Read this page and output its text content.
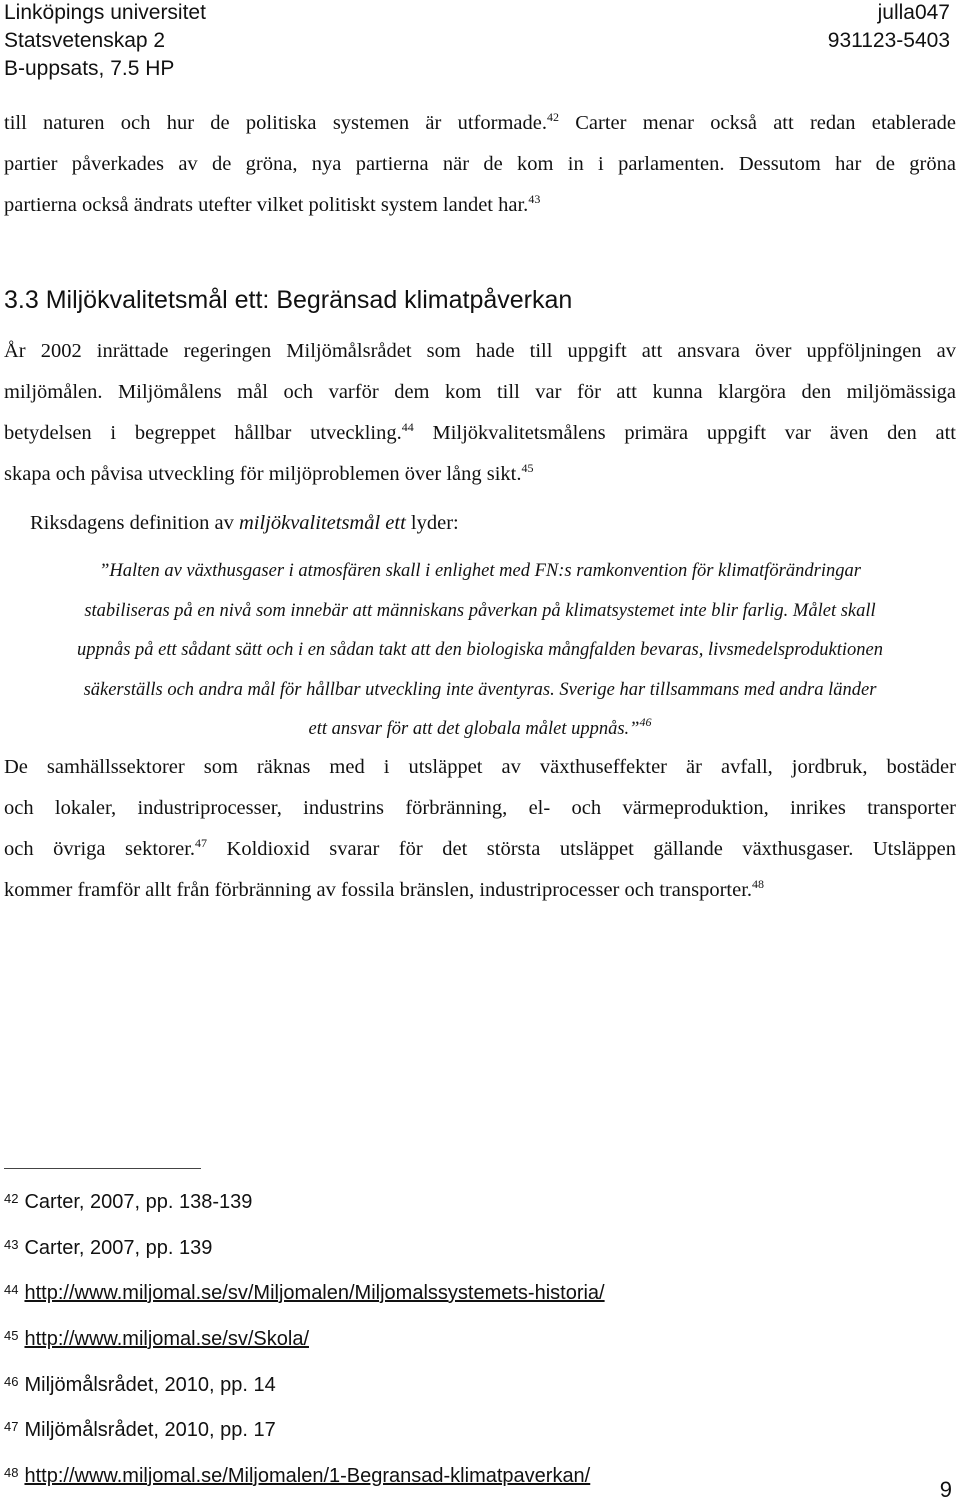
Linköpings universitet
Statsvetenskap 2
B-uppsats, 7.5 HP
julla047
931123-5403
till naturen och hur de politiska systemen är utformade.$^{42}$ Carter menar också att redan etablerade
partier påverkades av de gröna, nya partierna när de kom in i parlamenten. Dessutom har de gröna
partierna också ändrats utefter vilket politiskt system landet har.$^{43}$
3.3 Miljökvalitetsmål ett: Begränsad klimatpåverkan
År 2002 inrättade regeringen Miljömålsrådet som hade till uppgift att ansvara över uppföljningen av
miljömålen. Miljömålens mål och varför dem kom till var för att kunna klargöra den miljömässiga
betydelsen i begreppet hållbar utveckling.$^{44}$ Miljökvalitetsmålens primära uppgift var även den att
skapa och påvisa utveckling för miljöproblemen över lång sikt.$^{45}$
Riksdagens definition av miljökvalitetsmål ett lyder:
”Halten av växthusgaser i atmosfären skall i enlighet med FN:s ramkonvention för klimatförändringar
stabiliseras på en nivå som innebär att människans påverkan på klimatsystemet inte blir farlig. Målet skall
uppnås på ett sådant sätt och i en sådan takt att den biologiska mångfalden bevaras, livsmedelsproduktionen
säkerställs och andra mål för hållbar utveckling inte äventyras. Sverige har tillsammans med andra länder
ett ansvar för att det globala målet uppnås.”$^{46}$
De samhällssektorer som räknas med i utsläppet av växthuseffekter är avfall, jordbruk, bostäder
och lokaler, industriprocesser, industrins förbränning, el- och värmeproduktion, inrikes transporter
och övriga sektorer.$^{47}$ Koldioxid svarar för det största utsläppet gällande växthusgaser. Utsläppen
kommer framför allt från förbränning av fossila bränslen, industriprocesser och transporter.$^{48}$
$^{42}$ Carter, 2007, pp. 138-139
$^{43}$ Carter, 2007, pp. 139
$^{44}$ http://www.miljomal.se/sv/Miljomalen/Miljomalssystemets-historia/
$^{45}$ http://www.miljomal.se/sv/Skola/
$^{46}$ Miljömålsrådet, 2010, pp. 14
$^{47}$ Miljömålsrådet, 2010, pp. 17
$^{48}$ http://www.miljomal.se/Miljomalen/1-Begransad-klimatpaverkan/
9
